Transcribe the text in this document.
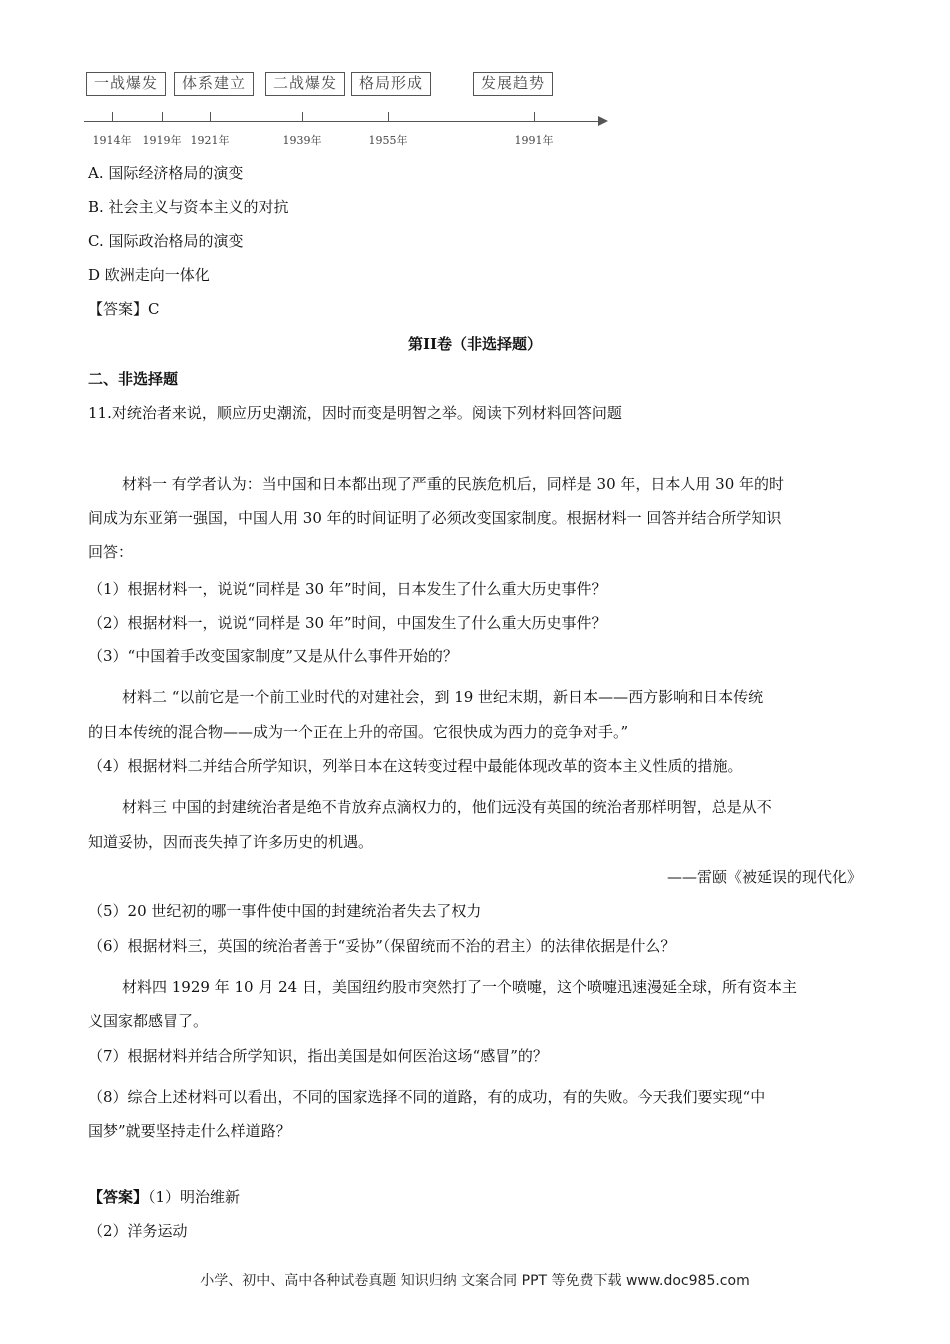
一战爆发	体系建立	二战爆发	格局形成	发展趋势
1914年 1919年 1921年	1939年	1955年	1991年
A. 国际经济格局的演变
B. 社会主义与资本主义的对抗
C. 国际政治格局的演变
D 欧洲走向一体化
【答案】C
第II卷（非选择题）
二、非选择题
11.对统治者来说，顺应历史潮流，因时而变是明智之举。阅读下列材料回答问题
材料一 有学者认为：当中国和日本都出现了严重的民族危机后，同样是 30 年，日本人用 30 年的时
间成为东亚第一强国，中国人用 30 年的时间证明了必须改变国家制度。根据材料一 回答并结合所学知识
回答：
（1）根据材料一，说说“同样是 30 年”时间，日本发生了什么重大历史事件？
（2）根据材料一，说说“同样是 30 年”时间，中国发生了什么重大历史事件？
（3）“中国着手改变国家制度”又是从什么事件开始的？
材料二 “以前它是一个前工业时代的对建社会，到 19 世纪末期，新日本——西方影响和日本传统
的日本传统的混合物——成为一个正在上升的帝国。它很快成为西力的竞争对手。”
（4）根据材料二并结合所学知识，列举日本在这转变过程中最能体现改革的资本主义性质的措施。
材料三 中国的封建统治者是绝不肯放弃点滴权力的，他们远没有英国的统治者那样明智，总是从不
知道妥协，因而丧失掉了许多历史的机遇。
——雷颐《被延误的现代化》
（5）20 世纪初的哪一事件使中国的封建统治者失去了权力
（6）根据材料三，英国的统治者善于“妥协”（保留统而不治的君主）的法律依据是什么？
材料四 1929 年 10 月 24 日，美国纽约股市突然打了一个喷嚏，这个喷嚏迅速漫延全球，所有资本主
义国家都感冒了。
（7）根据材料并结合所学知识，指出美国是如何医治这场“感冒”的？
（8）综合上述材料可以看出，不同的国家选择不同的道路，有的成功，有的失败。今天我们要实现“中
国梦”就要坚持走什么样道路？
【答案】（1）明治维新
（2）洋务运动
小学、初中、高中各种试卷真题 知识归纳 文案合同 PPT 等免费下载 www.doc985.com
